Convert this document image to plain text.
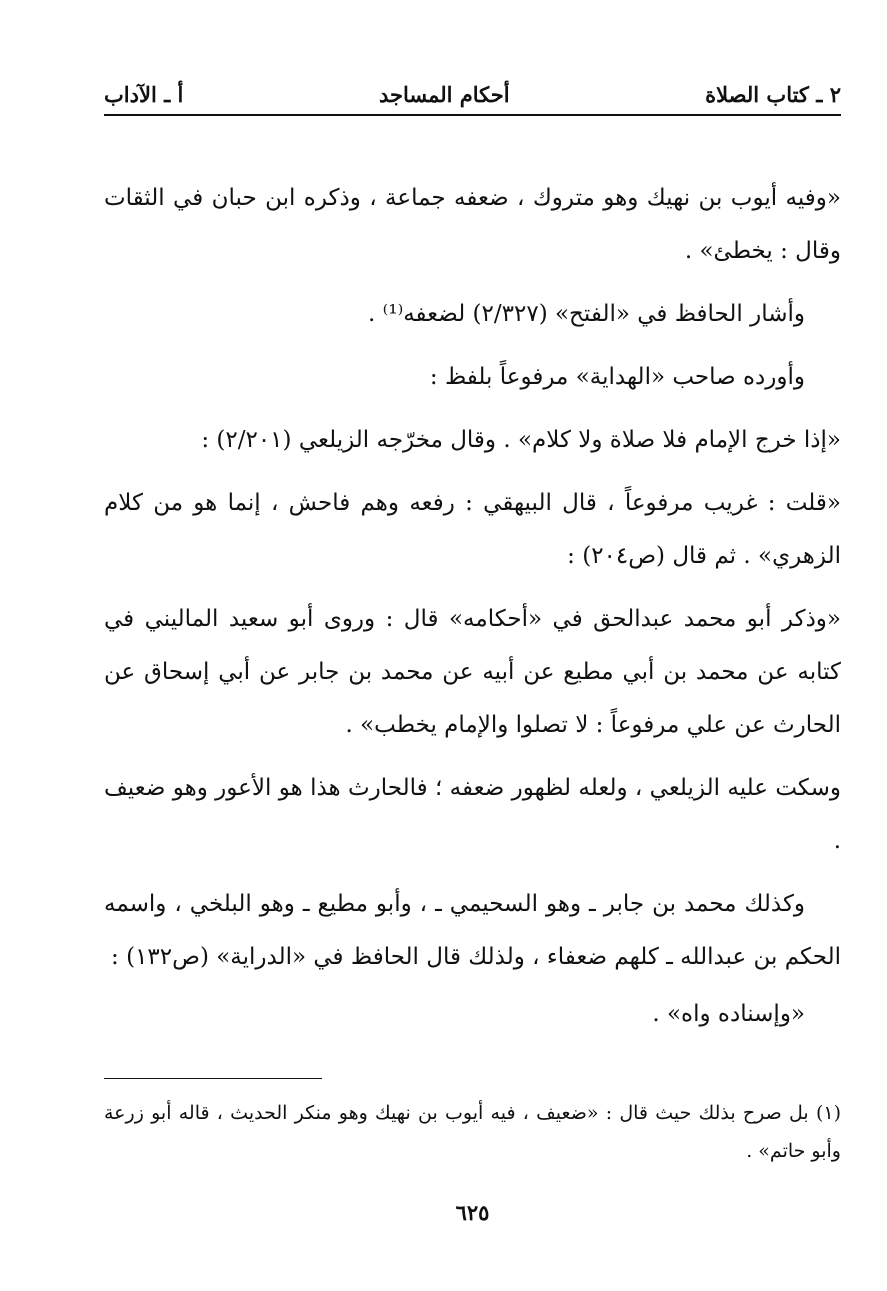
٢ ـ كتاب الصلاة
أحكام المساجد
أ ـ الآداب

«وفيه أيوب بن نهيك وهو متروك ، ضعفه جماعة ، وذكره ابن حبان في الثقات وقال : يخطئ» .

وأشار الحافظ في «الفتح» (٢/٣٢٧) لضعفه⁽¹⁾ .

وأورده صاحب «الهداية» مرفوعاً بلفظ :

«إذا خرج الإمام فلا صلاة ولا كلام» . وقال مخرّجه الزيلعي (٢/٢٠١) :

«قلت : غريب مرفوعاً ، قال البيهقي : رفعه وهم فاحش ، إنما هو من كلام الزهري» . ثم قال (ص٢٠٤) :

«وذكر أبو محمد عبدالحق في «أحكامه» قال : وروى أبو سعيد الماليني في كتابه عن محمد بن أبي مطيع عن أبيه عن محمد بن جابر عن أبي إسحاق عن الحارث عن علي مرفوعاً : لا تصلوا والإمام يخطب» .

وسكت عليه الزيلعي ، ولعله لظهور ضعفه ؛ فالحارث هذا هو الأعور وهو ضعيف .

وكذلك محمد بن جابر ـ وهو السحيمي ـ ، وأبو مطيع ـ وهو البلخي ، واسمه الحكم بن عبدالله ـ كلهم ضعفاء ، ولذلك قال الحافظ في «الدراية» (ص١٣٢) :

«وإسناده واه» .

(١) بل صرح بذلك حيث قال : «ضعيف ، فيه أيوب بن نهيك وهو منكر الحديث ، قاله أبو زرعة وأبو حاتم» .
٦٢٥
